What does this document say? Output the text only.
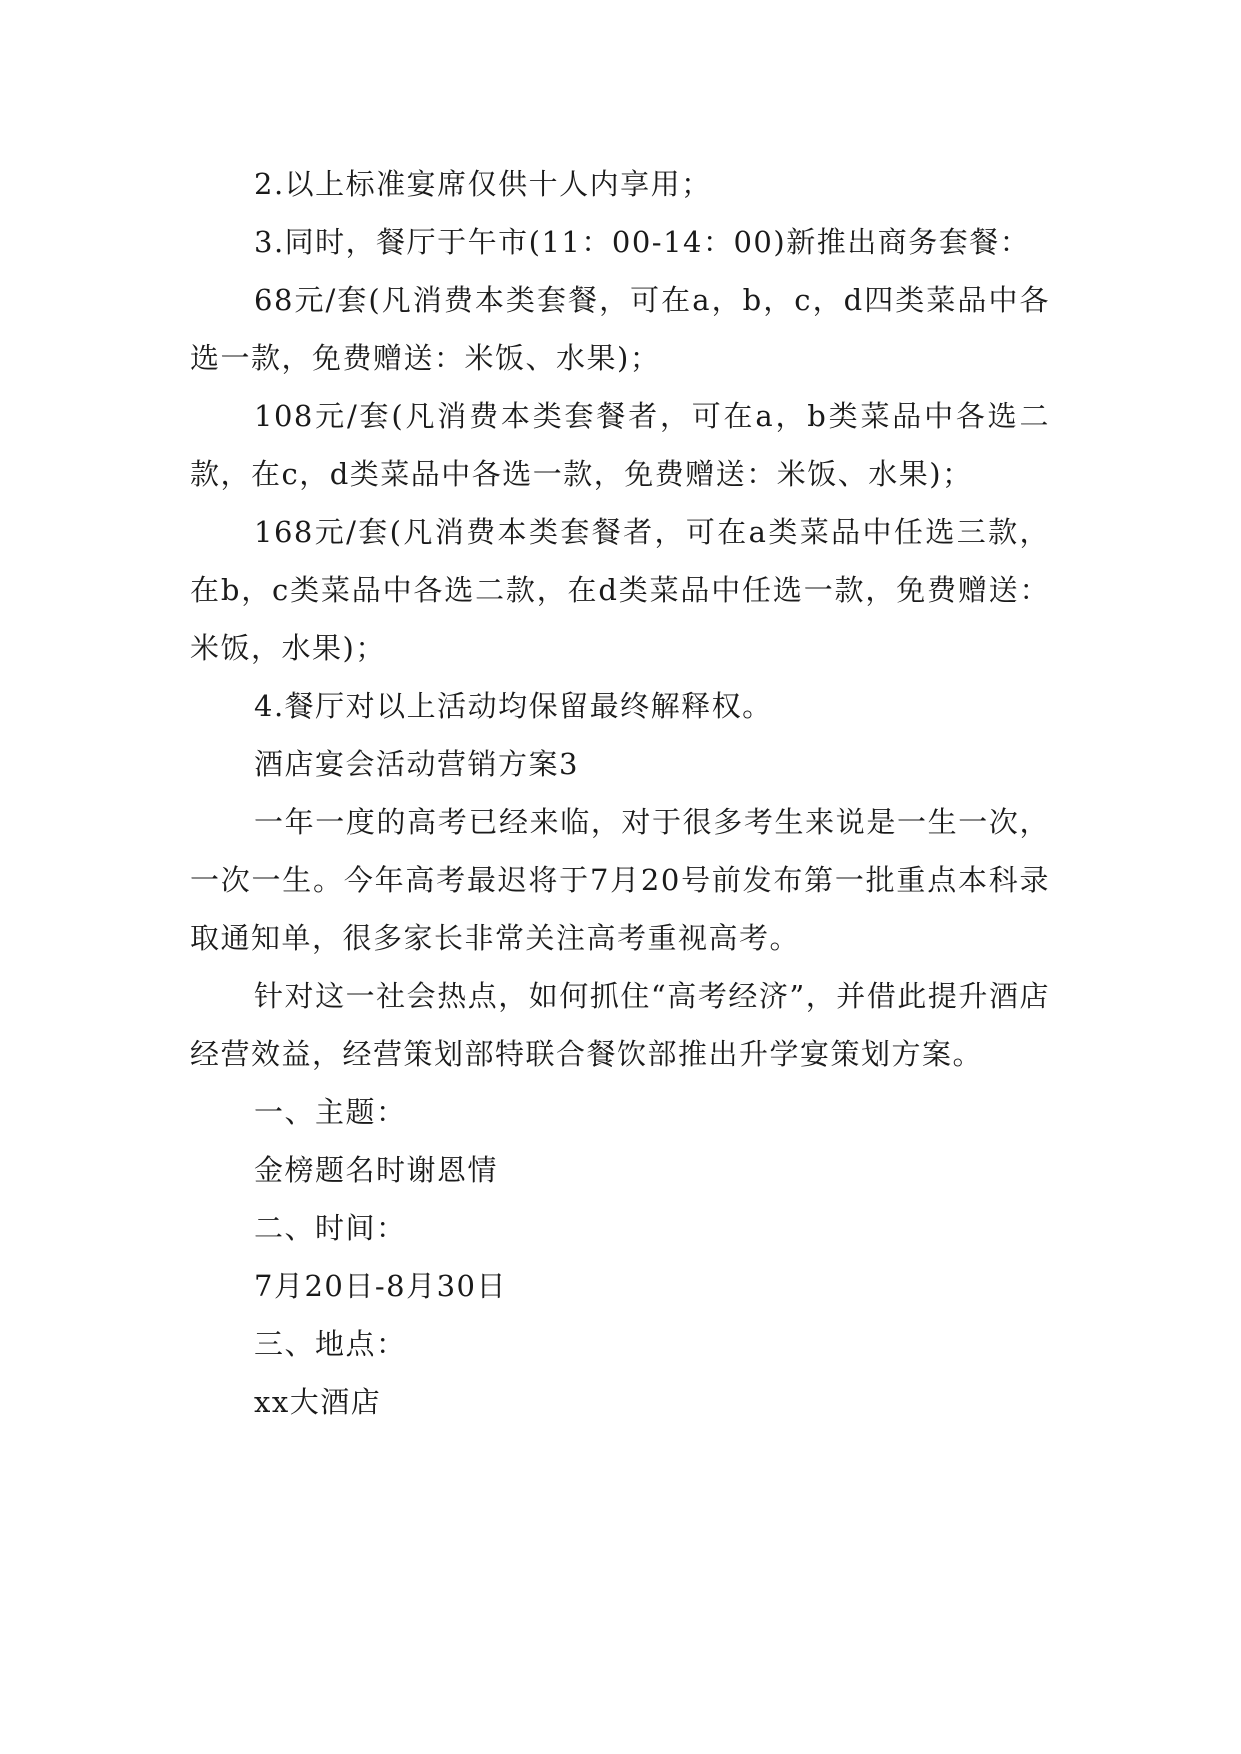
2.以上标准宴席仅供十人内享用；

3.同时，餐厅于午市(11：00-14：00)新推出商务套餐：

68元/套(凡消费本类套餐，可在a，b，c，d四类菜品中各选一款，免费赠送：米饭、水果)；

108元/套(凡消费本类套餐者，可在a，b类菜品中各选二款，在c，d类菜品中各选一款，免费赠送：米饭、水果)；

168元/套(凡消费本类套餐者，可在a类菜品中任选三款，在b，c类菜品中各选二款，在d类菜品中任选一款，免费赠送：米饭，水果)；

4.餐厅对以上活动均保留最终解释权。

酒店宴会活动营销方案3

一年一度的高考已经来临，对于很多考生来说是一生一次，一次一生。今年高考最迟将于7月20号前发布第一批重点本科录取通知单，很多家长非常关注高考重视高考。

针对这一社会热点，如何抓住“高考经济”，并借此提升酒店经营效益，经营策划部特联合餐饮部推出升学宴策划方案。

一、主题：

金榜题名时谢恩情

二、时间：

7月20日-8月30日

三、地点：

xx大酒店
